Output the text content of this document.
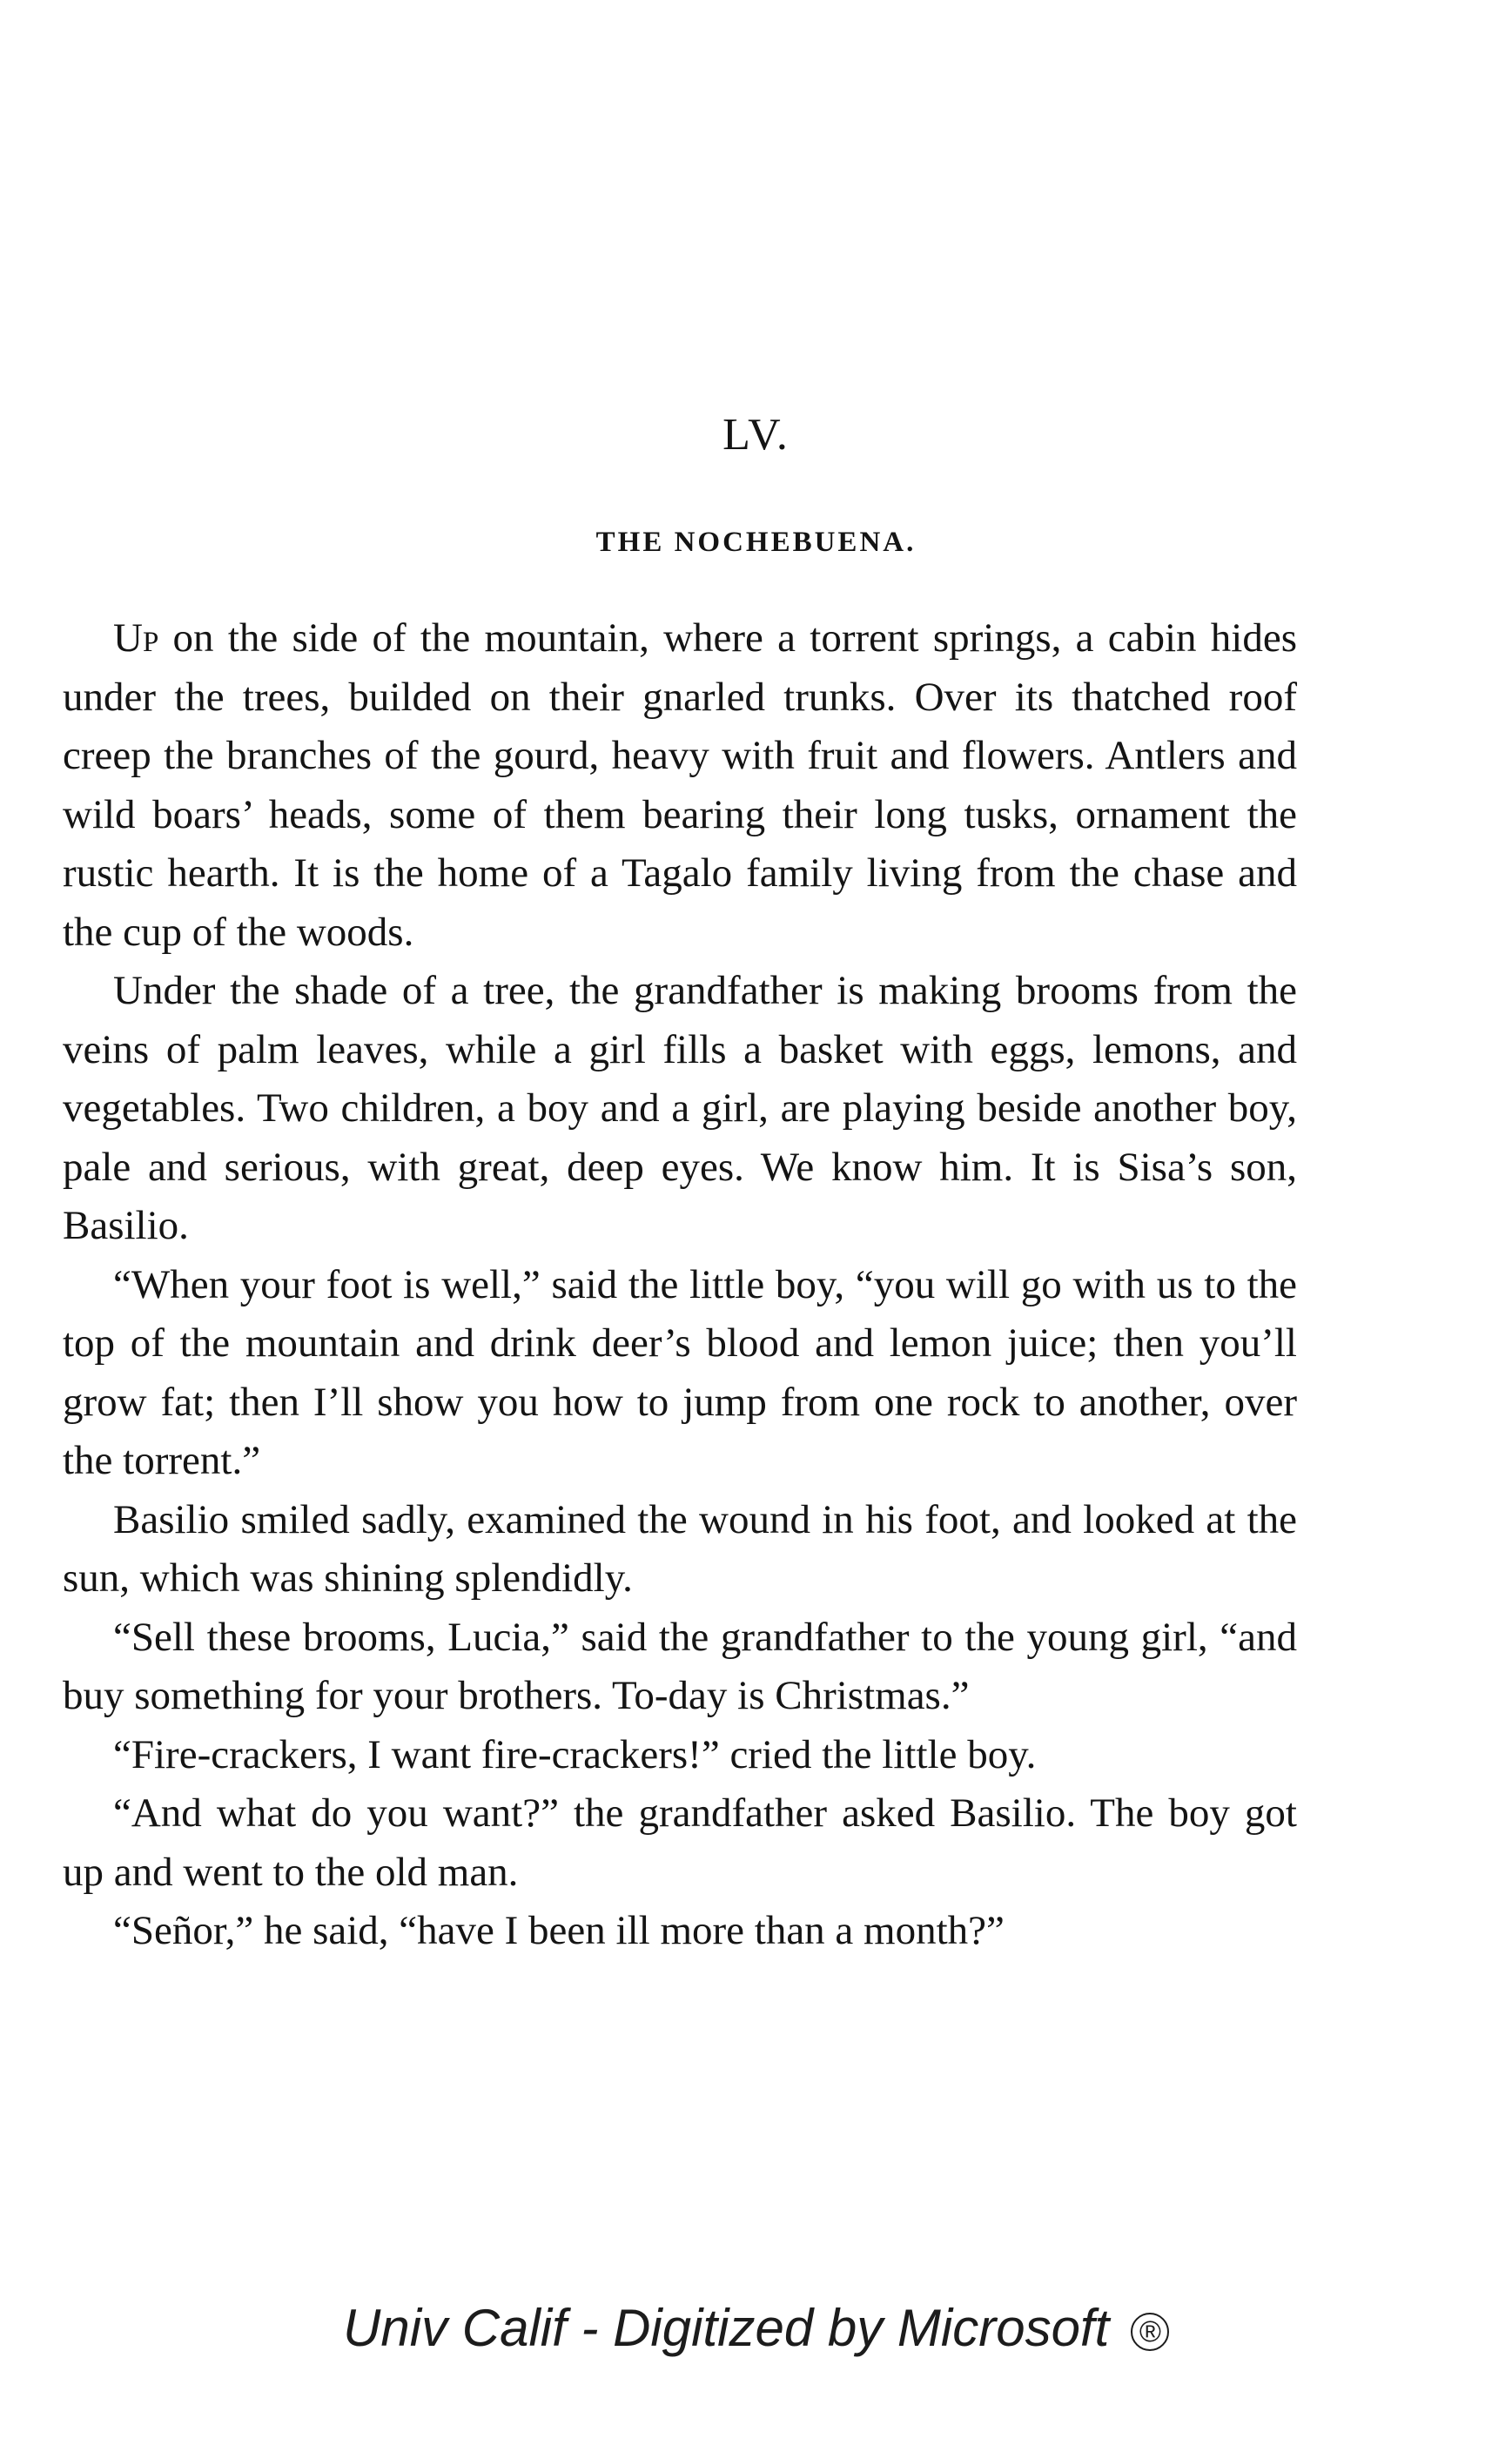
LV.
THE NOCHEBUENA.

Up on the side of the mountain, where a torrent springs, a cabin hides under the trees, builded on their gnarled trunks. Over its thatched roof creep the branches of the gourd, heavy with fruit and flowers. Antlers and wild boars’ heads, some of them bearing their long tusks, ornament the rustic hearth. It is the home of a Tagalo family living from the chase and the cup of the woods.

Under the shade of a tree, the grandfather is making brooms from the veins of palm leaves, while a girl fills a basket with eggs, lemons, and vegetables. Two children, a boy and a girl, are playing beside another boy, pale and serious, with great, deep eyes. We know him. It is Sisa’s son, Basilio.

“When your foot is well,” said the little boy, “you will go with us to the top of the mountain and drink deer’s blood and lemon juice; then you’ll grow fat; then I’ll show you how to jump from one rock to another, over the torrent.”

Basilio smiled sadly, examined the wound in his foot, and looked at the sun, which was shining splendidly.

“Sell these brooms, Lucia,” said the grandfather to the young girl, “and buy something for your brothers. To-day is Christmas.”

“Fire-crackers, I want fire-crackers!” cried the little boy.

“And what do you want?” the grandfather asked Basilio. The boy got up and went to the old man.

“Señor,” he said, “have I been ill more than a month?”

Univ Calif - Digitized by Microsoft ®
